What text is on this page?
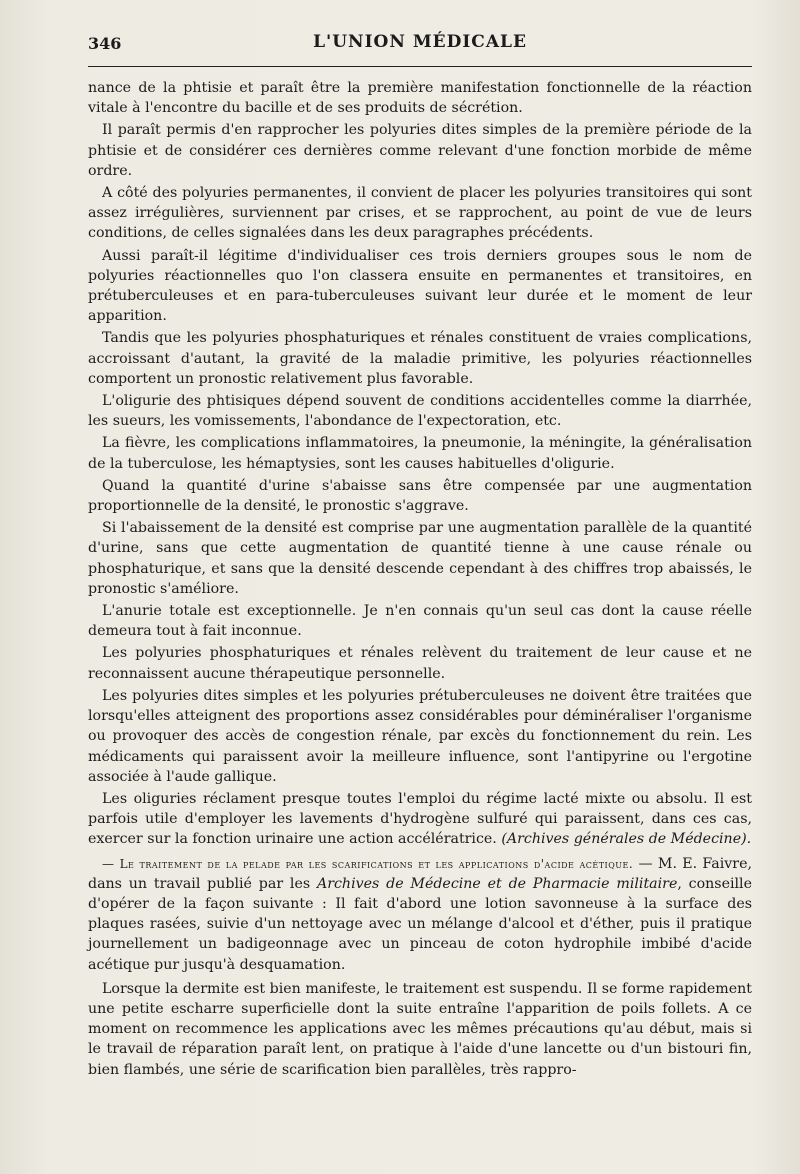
346	L'UNION MÉDICALE

nance de la phtisie et paraît être la première manifestation fonctionnelle de la réaction vitale à l'encontre du bacille et de ses produits de sécrétion.

Il paraît permis d'en rapprocher les polyuries dites simples de la première période de la phtisie et de considérer ces dernières comme relevant d'une fonction morbide de même ordre.

A côté des polyuries permanentes, il convient de placer les polyuries transitoires qui sont assez irrégulières, surviennent par crises, et se rapprochent, au point de vue de leurs conditions, de celles signalées dans les deux paragraphes précédents.

Aussi paraît-il légitime d'individualiser ces trois derniers groupes sous le nom de polyuries réactionnelles quo l'on classera ensuite en permanentes et transitoires, en prétuberculeuses et en para-tuberculeuses suivant leur durée et le moment de leur apparition.

Tandis que les polyuries phosphaturiques et rénales constituent de vraies complications, accroissant d'autant, la gravité de la maladie primitive, les polyuries réactionnelles comportent un pronostic relativement plus favorable.

L'oligurie des phtisiques dépend souvent de conditions accidentelles comme la diarrhée, les sueurs, les vomissements, l'abondance de l'expectoration, etc.

La fièvre, les complications inflammatoires, la pneumonie, la méningite, la généralisation de la tuberculose, les hémaptysies, sont les causes habituelles d'oligurie.

Quand la quantité d'urine s'abaisse sans être compensée par une augmentation proportionnelle de la densité, le pronostic s'aggrave.

Si l'abaissement de la densité est comprise par une augmentation parallèle de la quantité d'urine, sans que cette augmentation de quantité tienne à une cause rénale ou phosphaturique, et sans que la densité descende cependant à des chiffres trop abaissés, le pronostic s'améliore.

L'anurie totale est exceptionnelle. Je n'en connais qu'un seul cas dont la cause réelle demeura tout à fait inconnue.

Les polyuries phosphaturiques et rénales relèvent du traitement de leur cause et ne reconnaissent aucune thérapeutique personnelle.

Les polyuries dites simples et les polyuries prétuberculeuses ne doivent être traitées que lorsqu'elles atteignent des proportions assez considérables pour déminéraliser l'organisme ou provoquer des accès de congestion rénale, par excès du fonctionnement du rein. Les médicaments qui paraissent avoir la meilleure influence, sont l'antipyrine ou l'ergotine associée à l'aude gallique.

Les oliguries réclament presque toutes l'emploi du régime lacté mixte ou absolu. Il est parfois utile d'employer les lavements d'hydrogène sulfuré qui paraissent, dans ces cas, exercer sur la fonction urinaire une action accélératrice. (Archives générales de Médecine).

— Le traitement de la pelade par les scarifications et les applications d'acide acétique. — M. E. Faivre, dans un travail publié par les Archives de Médecine et de Pharmacie militaire, conseille d'opérer de la façon suivante : Il fait d'abord une lotion savonneuse à la surface des plaques rasées, suivie d'un nettoyage avec un mélange d'alcool et d'éther, puis il pratique journellement un badigeonnage avec un pinceau de coton hydrophile imbibé d'acide acétique pur jusqu'à desquamation.

Lorsque la dermite est bien manifeste, le traitement est suspendu. Il se forme rapidement une petite escharre superficielle dont la suite entraîne l'apparition de poils follets. A ce moment on recommence les applications avec les mêmes précautions qu'au début, mais si le travail de réparation paraît lent, on pratique à l'aide d'une lancette ou d'un bistouri fin, bien flambés, une série de scarification bien parallèles, très rappro-
